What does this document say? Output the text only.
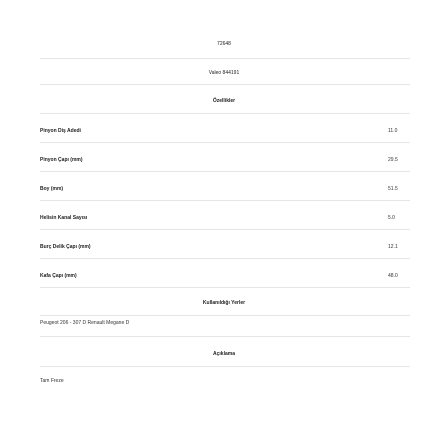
72648
Valeo 844191
Özellikler
Pinyon Diş Adedi	11.0
Pinyon Çapı (mm)	29.5
Boy (mm)	51.5
Helisin Kanal Sayısı	5.0
Burç Delik Çapı (mm)	12.1
Kafa Çapı (mm)	48.0
Kullanıldığı Yerler
Peugeot 206 - 307 D Renault Megane D
Açıklama
Tam Freze
